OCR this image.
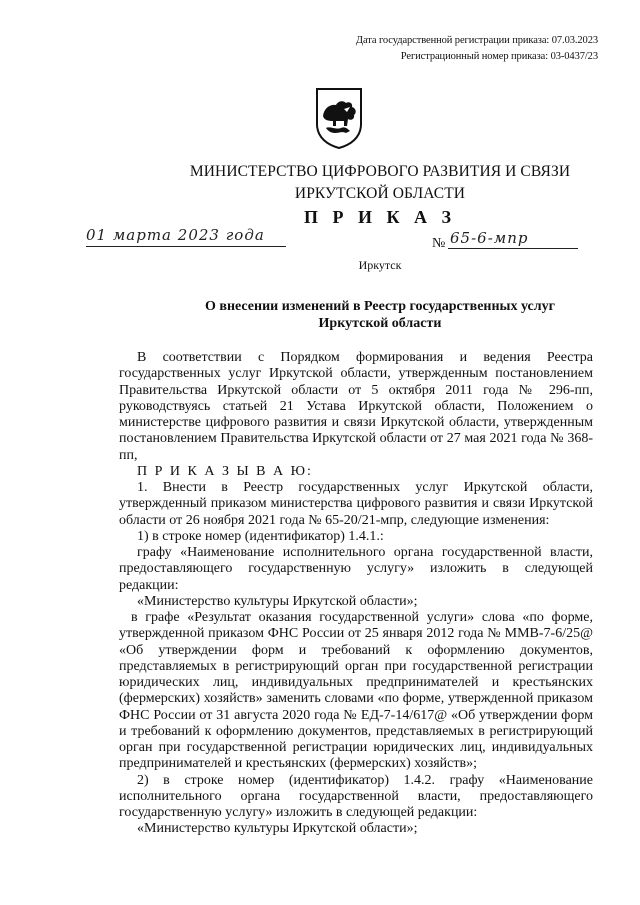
Дата государственной регистрации приказа: 07.03.2023
Регистрационный номер приказа: 03-0437/23
МИНИСТЕРСТВО ЦИФРОВОГО РАЗВИТИЯ И СВЯЗИ
ИРКУТСКОЙ ОБЛАСТИ
П Р И К А З
01 марта 2023 года	№ 65-6-мпр
Иркутск
О внесении изменений в Реестр государственных услуг
Иркутской области

В соответствии с Порядком формирования и ведения Реестра государственных услуг Иркутской области, утвержденным постановлением Правительства Иркутской области от 5 октября 2011 года № 296-пп, руководствуясь статьей 21 Устава Иркутской области, Положением о министерстве цифрового развития и связи Иркутской области, утвержденным постановлением Правительства Иркутской области от 27 мая 2021 года № 368-пп,

П Р И К А З Ы В А Ю:

1. Внести в Реестр государственных услуг Иркутской области, утвержденный приказом министерства цифрового развития и связи Иркутской области от 26 ноября 2021 года № 65-20/21-мпр, следующие изменения:

1) в строке номер (идентификатор) 1.4.1.:

графу «Наименование исполнительного органа государственной власти, предоставляющего государственную услугу» изложить в следующей редакции:

«Министерство культуры Иркутской области»;

в графе «Результат оказания государственной услуги» слова «по форме, утвержденной приказом ФНС России от 25 января 2012 года № ММВ-7-6/25@ «Об утверждении форм и требований к оформлению документов, представляемых в регистрирующий орган при государственной регистрации юридических лиц, индивидуальных предпринимателей и крестьянских (фермерских) хозяйств» заменить словами «по форме, утвержденной приказом ФНС России от 31 августа 2020 года № ЕД-7-14/617@ «Об утверждении форм и требований к оформлению документов, представляемых в регистрирующий орган при государственной регистрации юридических лиц, индивидуальных предпринимателей и крестьянских (фермерских) хозяйств»;

2) в строке номер (идентификатор) 1.4.2. графу «Наименование исполнительного органа государственной власти, предоставляющего государственную услугу» изложить в следующей редакции:

«Министерство культуры Иркутской области»;
